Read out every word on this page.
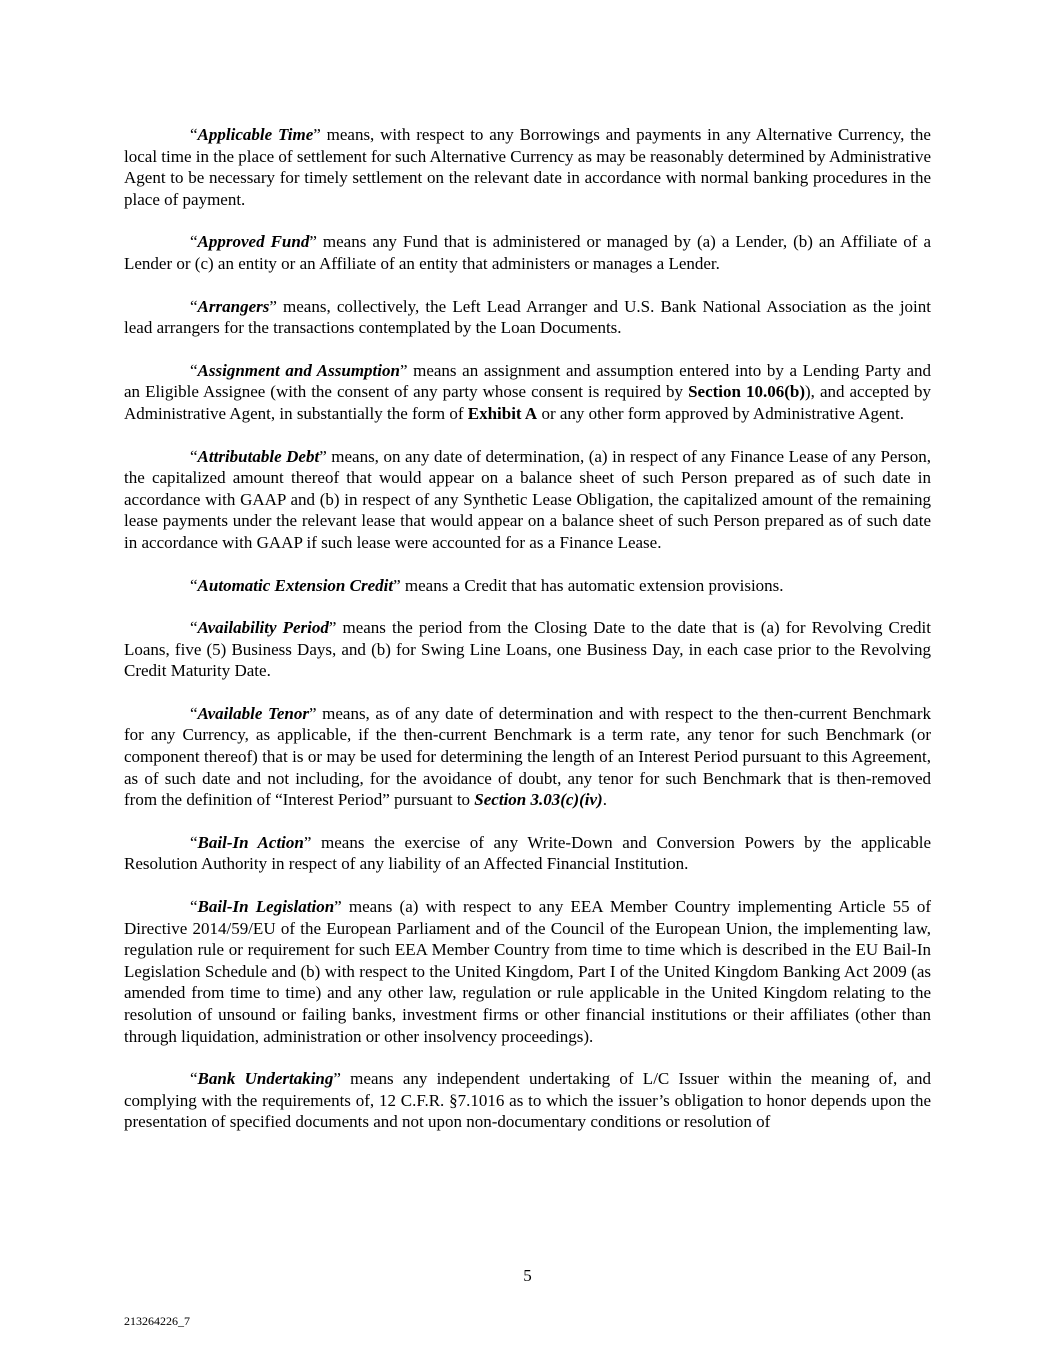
“Applicable Time” means, with respect to any Borrowings and payments in any Alternative Currency, the local time in the place of settlement for such Alternative Currency as may be reasonably determined by Administrative Agent to be necessary for timely settlement on the relevant date in accordance with normal banking procedures in the place of payment.

“Approved Fund” means any Fund that is administered or managed by (a) a Lender, (b) an Affiliate of a Lender or (c) an entity or an Affiliate of an entity that administers or manages a Lender.

“Arrangers” means, collectively, the Left Lead Arranger and U.S. Bank National Association as the joint lead arrangers for the transactions contemplated by the Loan Documents.

“Assignment and Assumption” means an assignment and assumption entered into by a Lending Party and an Eligible Assignee (with the consent of any party whose consent is required by Section 10.06(b)), and accepted by Administrative Agent, in substantially the form of Exhibit A or any other form approved by Administrative Agent.

“Attributable Debt” means, on any date of determination, (a) in respect of any Finance Lease of any Person, the capitalized amount thereof that would appear on a balance sheet of such Person prepared as of such date in accordance with GAAP and (b) in respect of any Synthetic Lease Obligation, the capitalized amount of the remaining lease payments under the relevant lease that would appear on a balance sheet of such Person prepared as of such date in accordance with GAAP if such lease were accounted for as a Finance Lease.

“Automatic Extension Credit” means a Credit that has automatic extension provisions.

“Availability Period” means the period from the Closing Date to the date that is (a) for Revolving Credit Loans, five (5) Business Days, and (b) for Swing Line Loans, one Business Day, in each case prior to the Revolving Credit Maturity Date.

“Available Tenor” means, as of any date of determination and with respect to the then-current Benchmark for any Currency, as applicable, if the then-current Benchmark is a term rate, any tenor for such Benchmark (or component thereof) that is or may be used for determining the length of an Interest Period pursuant to this Agreement, as of such date and not including, for the avoidance of doubt, any tenor for such Benchmark that is then-removed from the definition of “Interest Period” pursuant to Section 3.03(c)(iv).

“Bail-In Action” means the exercise of any Write-Down and Conversion Powers by the applicable Resolution Authority in respect of any liability of an Affected Financial Institution.

“Bail-In Legislation” means (a) with respect to any EEA Member Country implementing Article 55 of Directive 2014/59/EU of the European Parliament and of the Council of the European Union, the implementing law, regulation rule or requirement for such EEA Member Country from time to time which is described in the EU Bail-In Legislation Schedule and (b) with respect to the United Kingdom, Part I of the United Kingdom Banking Act 2009 (as amended from time to time) and any other law, regulation or rule applicable in the United Kingdom relating to the resolution of unsound or failing banks, investment firms or other financial institutions or their affiliates (other than through liquidation, administration or other insolvency proceedings).

“Bank Undertaking” means any independent undertaking of L/C Issuer within the meaning of, and complying with the requirements of, 12 C.F.R. §7.1016 as to which the issuer’s obligation to honor depends upon the presentation of specified documents and not upon non-documentary conditions or resolution of

5
213264226_7
